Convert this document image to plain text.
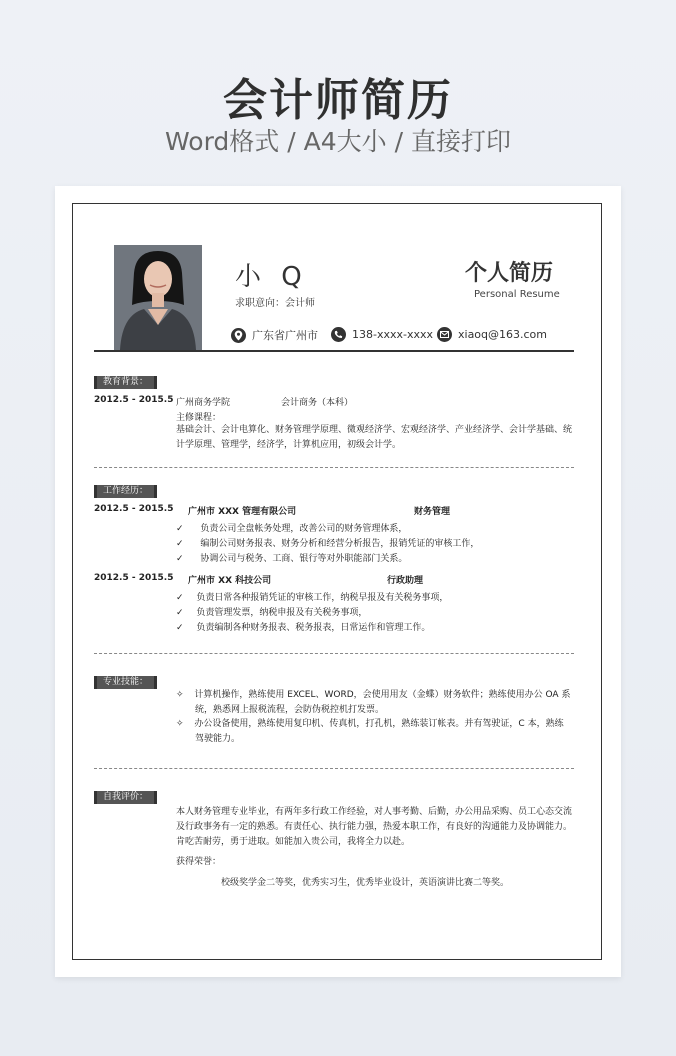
会计师简历
Word格式 / A4大小 / 直接打印
小 Q
求职意向：会计师
个人简历
Personal Resume
广东省广州市	138-xxxx-xxxx xiaoq@163.com
教育背景：
2012.5 - 2015.5 广州商务学院	会计商务（本科）
主修课程：
基础会计、会计电算化、财务管理学原理、微观经济学、宏观经济学、产业经济学、会计学基础、统
计学原理、管理学，经济学，计算机应用，初级会计学。
工作经历：
2012.5 - 2015.5 广州市 XXX 管理有限公司	财务管理
✓ 负责公司全盘帐务处理，改善公司的财务管理体系，
✓ 编制公司财务报表、财务分析和经营分析报告，报销凭证的审核工作，
✓ 协调公司与税务、工商、银行等对外职能部门关系。
2012.5 - 2015.5 广州市 XX 科技公司	行政助理
✓ 负责日常各种报销凭证的审核工作，纳税早报及有关税务事项，
✓ 负责管理发票，纳税申报及有关税务事项，
✓ 负责编制各种财务报表、税务报表，日常运作和管理工作。
专业技能：
✧ 计算机操作，熟练使用 EXCEL、WORD，会使用用友（金蝶）财务软件；熟练使用办公 OA 系
统，熟悉网上报税流程，会防伪税控机打发票。
✧ 办公设备使用，熟练使用复印机、传真机，打孔机，熟练装订帐表。并有驾驶证，C 本，熟练
驾驶能力。
自我评价：
本人财务管理专业毕业，有两年多行政工作经验，对人事考勤、后勤，办公用品采购、员工心态交流
及行政事务有一定的熟悉。有责任心、执行能力强，热爱本职工作，有良好的沟通能力及协调能力。
肯吃苦耐劳，勇于进取。如能加入贵公司，我将全力以赴。
获得荣誉：
校级奖学金二等奖，优秀实习生，优秀毕业设计，英语演讲比赛二等奖。
